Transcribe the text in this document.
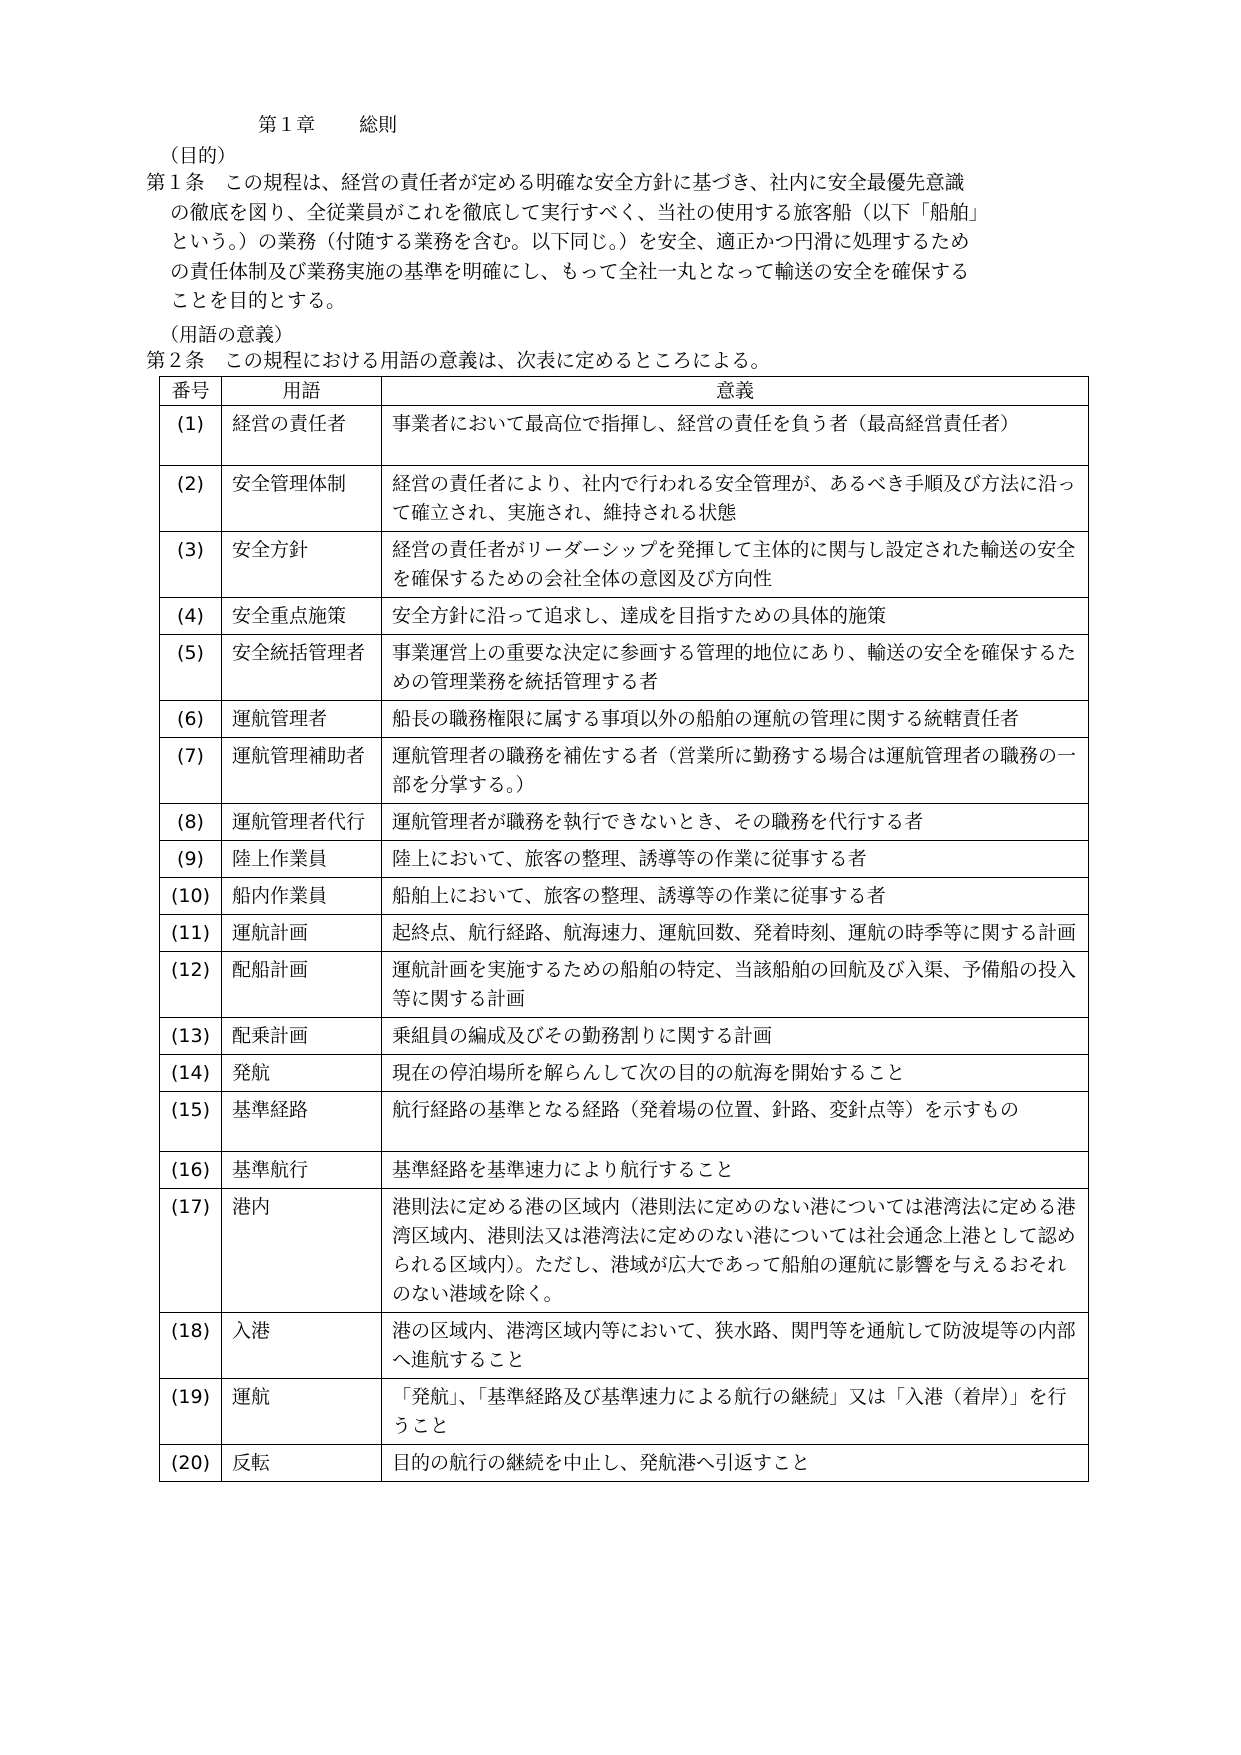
第１章 総則
（目的）
第１条　 この規程は、経営の責任者が定める明確な安全方針に基づき、社内に安全最優先意識
の徹底を図り、全従業員がこれを徹底して実行すべく、当社の使用する旅客船（以下「船舶」
という。）の業務（付随する業務を含む。以下同じ。）を安全、適正かつ円滑に処理するため
の責任体制及び業務実施の基準を明確にし、もって全社一丸となって輸送の安全を確保する
ことを目的とする。
（用語の意義）
第２条　 この規程における用語の意義は、次表に定めるところによる。
番号	用語	意義
(1)	経営の責任者	事業者において最高位で指揮し、経営の責任を負う者（最高経営責任者）
(2)	安全管理体制	経営の責任者により、社内で行われる安全管理が、あるべき手順及び方法に沿って確立され、実施され、維持される状態
(3)	安全方針	経営の責任者がリーダーシップを発揮して主体的に関与し設定された輸送の安全を確保するための会社全体の意図及び方向性
(4)	安全重点施策	安全方針に沿って追求し、達成を目指すための具体的施策
(5)	安全統括管理者	事業運営上の重要な決定に参画する管理的地位にあり、輸送の安全を確保するための管理業務を統括管理する者
(6)	運航管理者	船長の職務権限に属する事項以外の船舶の運航の管理に関する統轄責任者
(7)	運航管理補助者	運航管理者の職務を補佐する者（営業所に勤務する場合は運航管理者の職務の一部を分掌する。）
(8)	運航管理者代行	運航管理者が職務を執行できないとき、その職務を代行する者
(9)	陸上作業員	陸上において、旅客の整理、誘導等の作業に従事する者
(10)	船内作業員	船舶上において、旅客の整理、誘導等の作業に従事する者
(11)	運航計画	起終点、航行経路、航海速力、運航回数、発着時刻、運航の時季等に関する計画
(12)	配船計画	運航計画を実施するための船舶の特定、当該船舶の回航及び入渠、予備船の投入等に関する計画
(13)	配乗計画	乗組員の編成及びその勤務割りに関する計画
(14)	発航	現在の停泊場所を解らんして次の目的の航海を開始すること
(15)	基準経路	航行経路の基準となる経路（発着場の位置、針路、変針点等）を示すもの
(16)	基準航行	基準経路を基準速力により航行すること
(17)	港内	港則法に定める港の区域内（港則法に定めのない港については港湾法に定める港湾区域内、港則法又は港湾法に定めのない港については社会通念上港として認められる区域内）。ただし、港域が広大であって船舶の運航に影響を与えるおそれのない港域を除く。
(18)	入港	港の区域内、港湾区域内等において、狭水路、関門等を通航して防波堤等の内部へ進航すること
(19)	運航	「発航」、「基準経路及び基準速力による航行の継続」又は「入港（着岸）」を行うこと
(20)	反転	目的の航行の継続を中止し、発航港へ引返すこと
